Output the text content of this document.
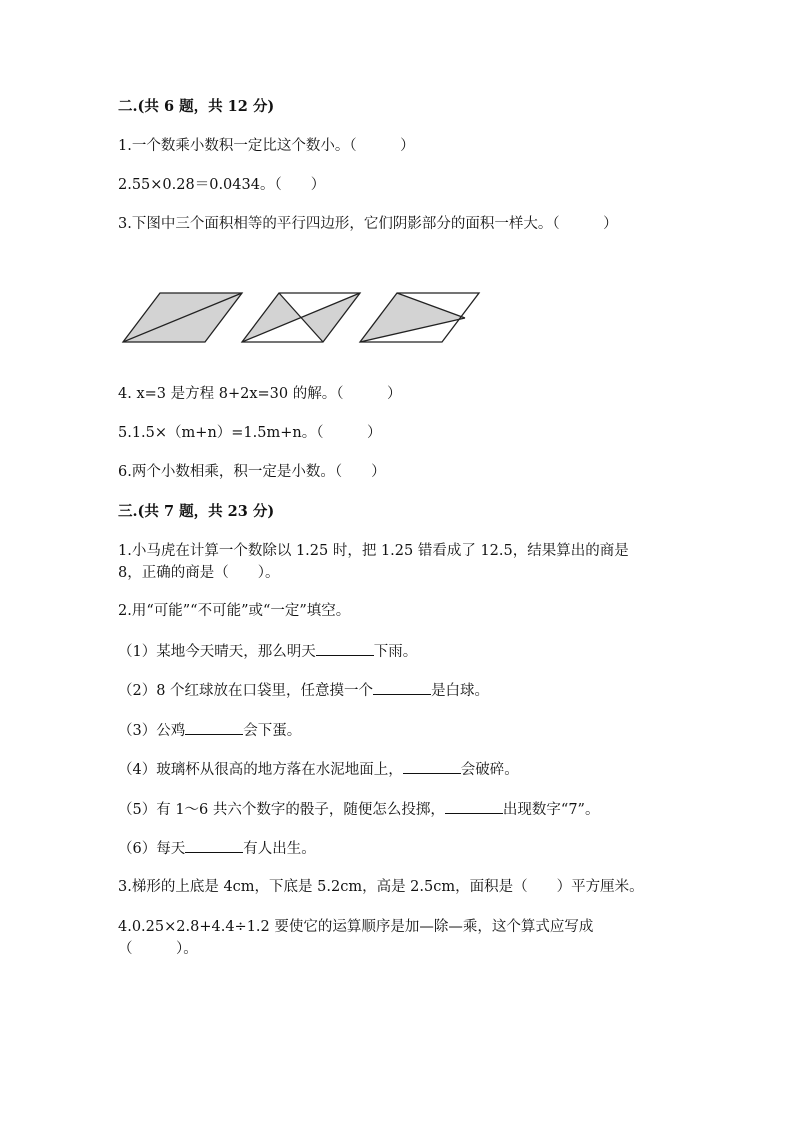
二.(共 6 题，共 12 分)
1.一个数乘小数积一定比这个数小。（　　　）
2.55×0.28＝0.0434。（　　）
3.下图中三个面积相等的平行四边形，它们阴影部分的面积一样大。（　　　）
4. x=3 是方程 8+2x=30 的解。（　　　）
5.1.5×（m+n）=1.5m+n。（　　　）
6.两个小数相乘，积一定是小数。（　　）
三.(共 7 题，共 23 分)
1.小马虎在计算一个数除以 1.25 时，把 1.25 错看成了 12.5，结果算出的商是
8，正确的商是（　　）。
2.用“可能”“不可能”或“一定”填空。
（1）某地今天晴天，那么明天	下雨。
（2）8 个红球放在口袋里，任意摸一个	是白球。
（3）公鸡	会下蛋。
（4）玻璃杯从很高的地方落在水泥地面上，	会破碎。
（5）有 1～6 共六个数字的骰子，随便怎么投掷，	出现数字“7”。
（6）每天	有人出生。
3.梯形的上底是 4cm，下底是 5.2cm，高是 2.5cm，面积是（　　）平方厘米。
4.0.25×2.8+4.4÷1.2 要使它的运算顺序是加—除—乘，这个算式应写成
（　　　）。
